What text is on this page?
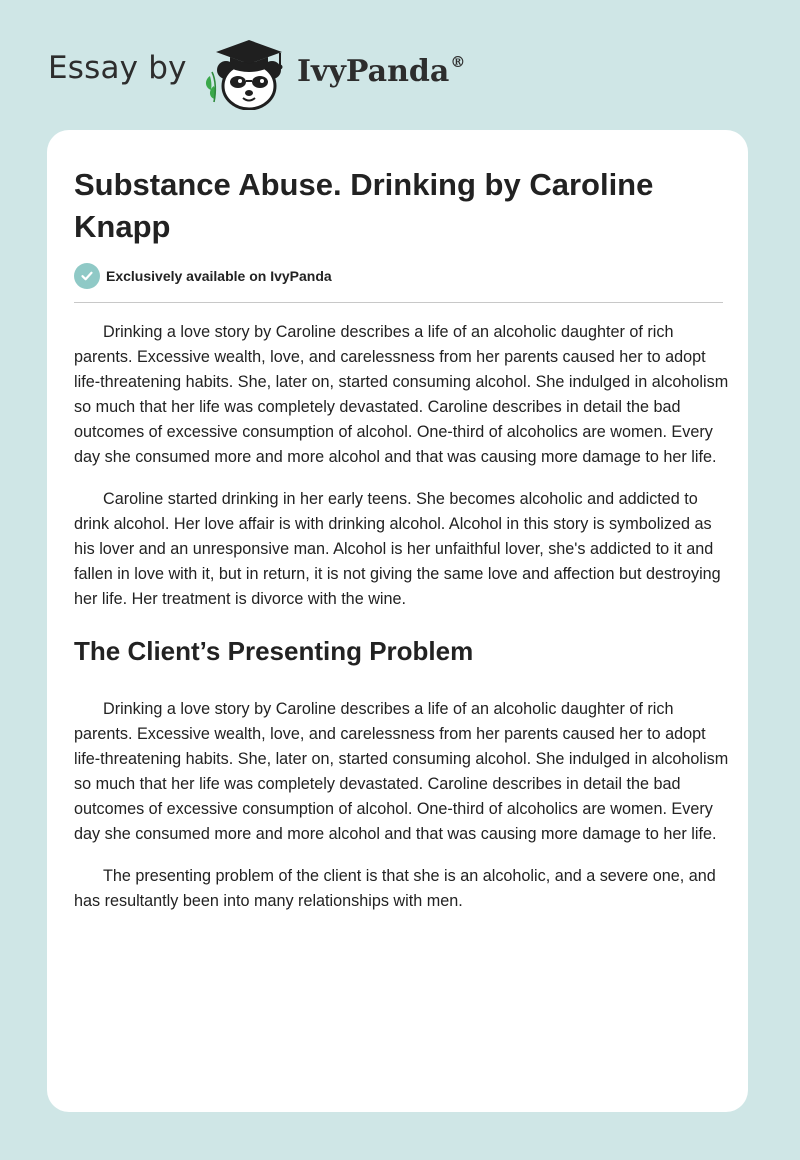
Essay by	IvyPanda®
Substance Abuse. Drinking by Caroline Knapp
Exclusively available on IvyPanda

Drinking a love story by Caroline describes a life of an alcoholic daughter of rich parents. Excessive wealth, love, and carelessness from her parents caused her to adopt life-threatening habits. She, later on, started consuming alcohol. She indulged in alcoholism so much that her life was completely devastated. Caroline describes in detail the bad outcomes of excessive consumption of alcohol. One-third of alcoholics are women. Every day she consumed more and more alcohol and that was causing more damage to her life.

Caroline started drinking in her early teens. She becomes alcoholic and addicted to drink alcohol. Her love affair is with drinking alcohol. Alcohol in this story is symbolized as his lover and an unresponsive man. Alcohol is her unfaithful lover, she's addicted to it and fallen in love with it, but in return, it is not giving the same love and affection but destroying her life. Her treatment is divorce with the wine.

The Client’s Presenting Problem

Drinking a love story by Caroline describes a life of an alcoholic daughter of rich parents. Excessive wealth, love, and carelessness from her parents caused her to adopt life-threatening habits. She, later on, started consuming alcohol. She indulged in alcoholism so much that her life was completely devastated. Caroline describes in detail the bad outcomes of excessive consumption of alcohol. One-third of alcoholics are women. Every day she consumed more and more alcohol and that was causing more damage to her life.

The presenting problem of the client is that she is an alcoholic, and a severe one, and has resultantly been into many relationships with men.
